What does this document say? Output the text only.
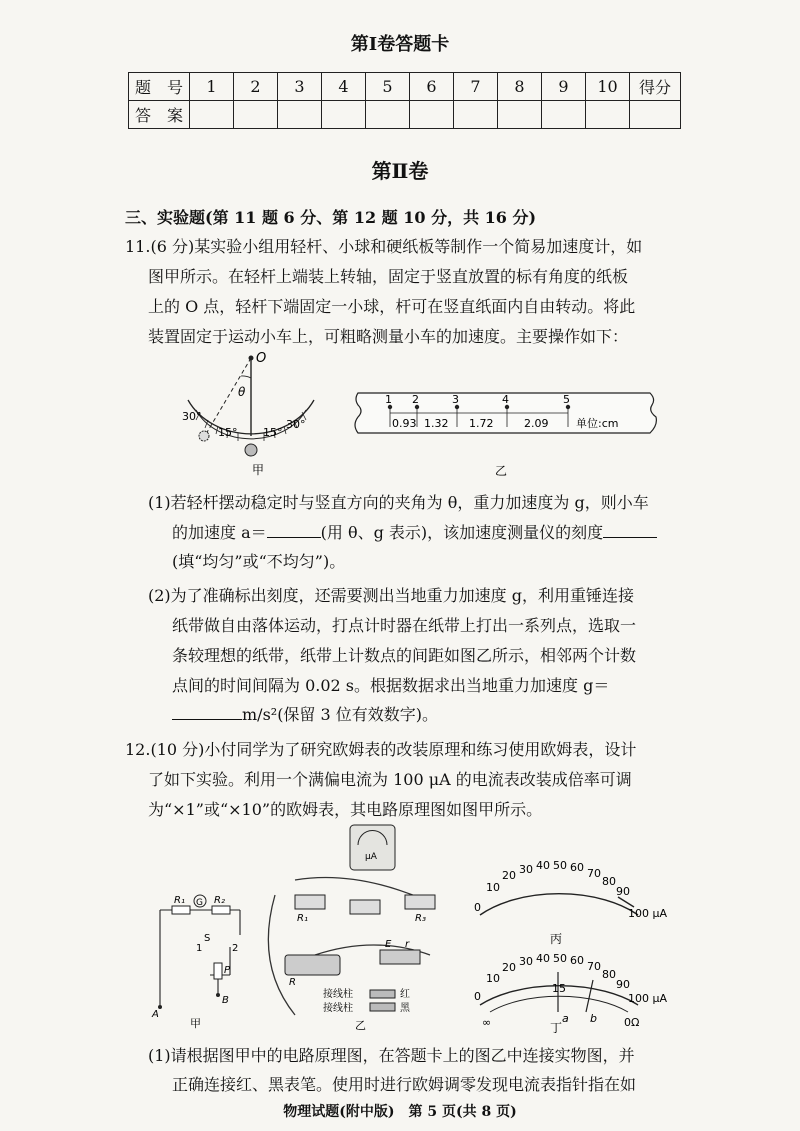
第Ⅰ卷答题卡
题　号	1	2	3	4	5	6	7	8	9	10	得分
答　案											
第Ⅱ卷
三、实验题(第 11 题 6 分、第 12 题 10 分，共 16 分)
11.(6 分)某实验小组用轻杆、小球和硬纸板等制作一个简易加速度计，如
图甲所示。在轻杆上端装上转轴，固定于竖直放置的标有角度的纸板
上的 O 点，轻杆下端固定一小球，杆可在竖直纸面内自由转动。将此
装置固定于运动小车上，可粗略测量小车的加速度。主要操作如下：
O
θ
30°
15° 15°
30°
甲
1 2	3	4	5
0.93 1.32 1.72	2.09	单位:cm
乙
(1)若轻杆摆动稳定时与竖直方向的夹角为 θ，重力加速度为 g，则小车
的加速度 a＝	(用 θ、g 表示)，该加速度测量仪的刻度
(填“均匀”或“不均匀”)。
(2)为了准确标出刻度，还需要测出当地重力加速度 g，利用重锤连接
纸带做自由落体运动，打点计时器在纸带上打出一系列点，选取一
条较理想的纸带，纸带上计数点的间距如图乙所示，相邻两个计数
点间的时间间隔为 0.02 s。根据数据求出当地重力加速度 g＝
m/s²(保留 3 位有效数字)。
12.(10 分)小付同学为了研究欧姆表的改装原理和练习使用欧姆表，设计
了如下实验。利用一个满偏电流为 100 μA 的电流表改装成倍率可调
为“×1”或“×10”的欧姆表，其电路原理图如图甲所示。
G
R₁	R₂
S
1	2
P
A
B
甲
μA
R₁	R₃
R
E r
接线柱
接线柱
红
黑
乙
0
10
20 30 40 50 60 70
80
90
100 μA
丙
0
10
20 30 40 50 60 70
80
90
100 μA
∞
15
a b 0Ω
丁
(1)请根据图甲中的电路原理图，在答题卡上的图乙中连接实物图，并
正确连接红、黑表笔。使用时进行欧姆调零发现电流表指针指在如
物理试题(附中版)　第 5 页(共 8 页)
